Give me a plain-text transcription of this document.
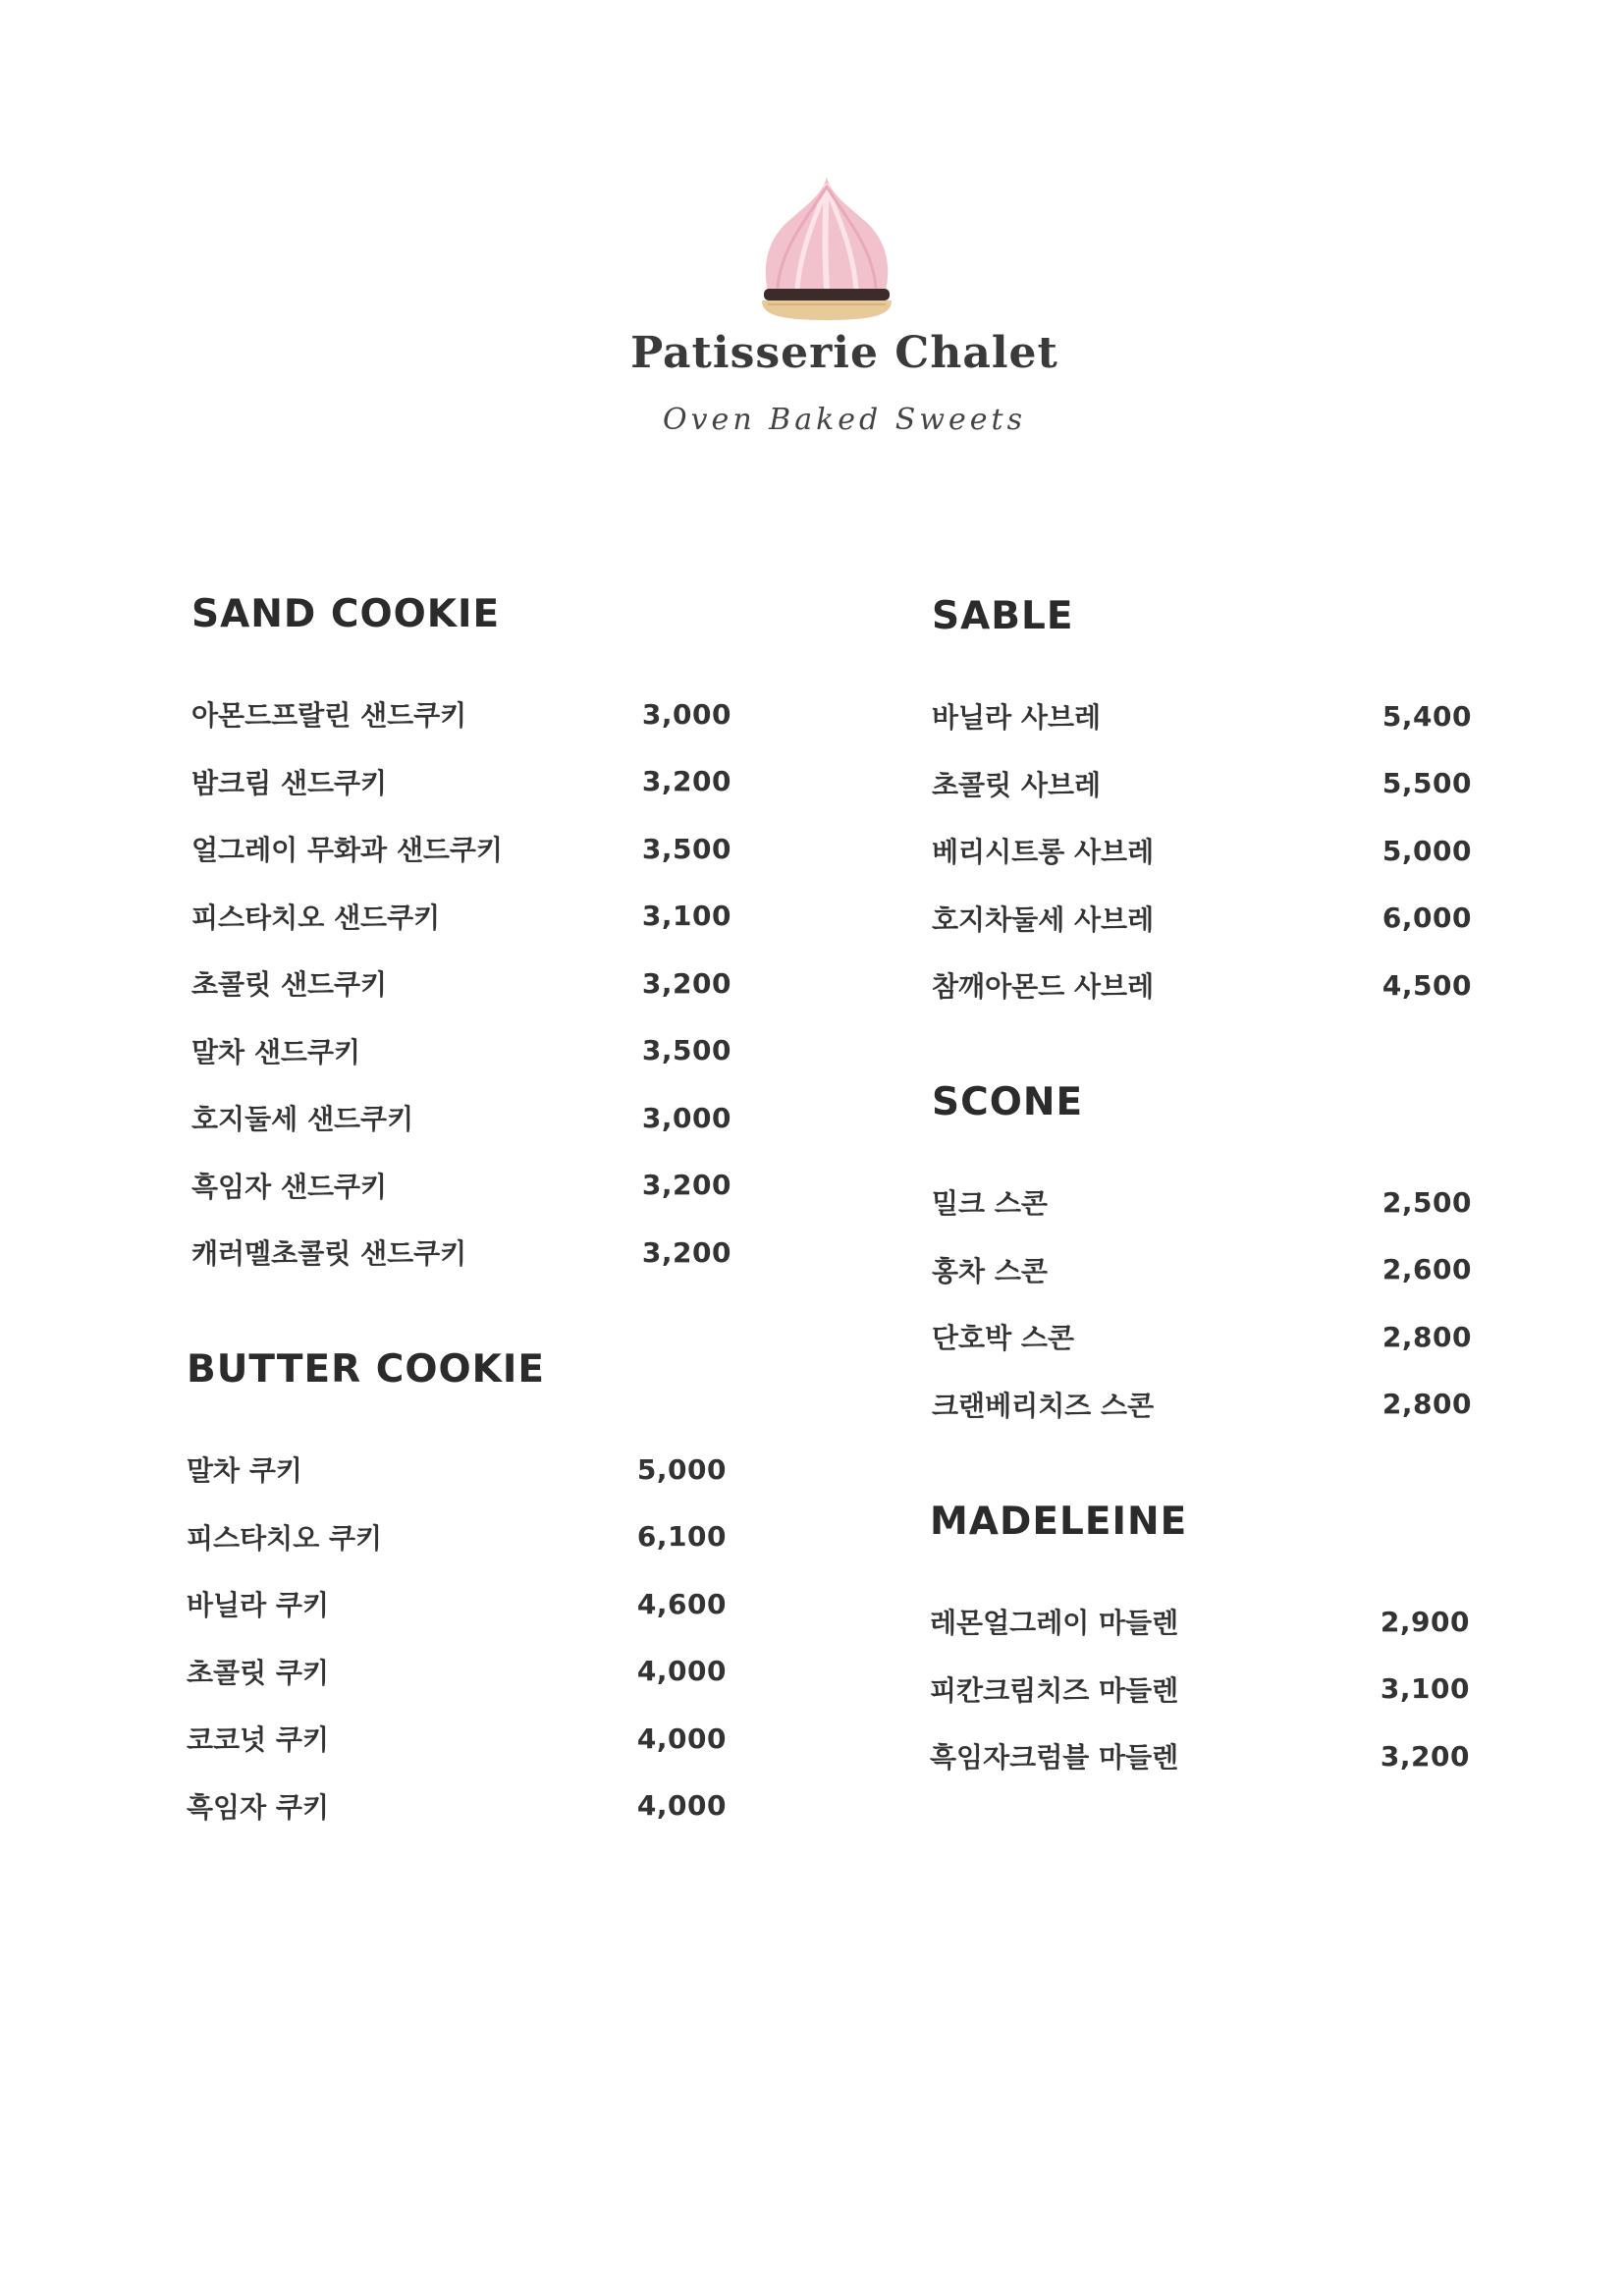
Patisserie Chalet
Oven Baked Sweets
SAND COOKIE
아몬드프랄린 샌드쿠키	3,000
밤크림 샌드쿠키	3,200
얼그레이 무화과 샌드쿠키	3,500
피스타치오 샌드쿠키	3,100
초콜릿 샌드쿠키	3,200
말차 샌드쿠키	3,500
호지둘세 샌드쿠키	3,000
흑임자 샌드쿠키	3,200
캐러멜초콜릿 샌드쿠키	3,200
BUTTER COOKIE
말차 쿠키	5,000
피스타치오 쿠키	6,100
바닐라 쿠키	4,600
초콜릿 쿠키	4,000
코코넛 쿠키	4,000
흑임자 쿠키	4,000
SABLE
바닐라 사브레	5,400
초콜릿 사브레	5,500
베리시트롱 사브레	5,000
호지차둘세 사브레	6,000
참깨아몬드 사브레	4,500
SCONE
밀크 스콘	2,500
홍차 스콘	2,600
단호박 스콘	2,800
크랜베리치즈 스콘	2,800
MADELEINE
레몬얼그레이 마들렌	2,900
피칸크림치즈 마들렌	3,100
흑임자크럼블 마들렌	3,200
